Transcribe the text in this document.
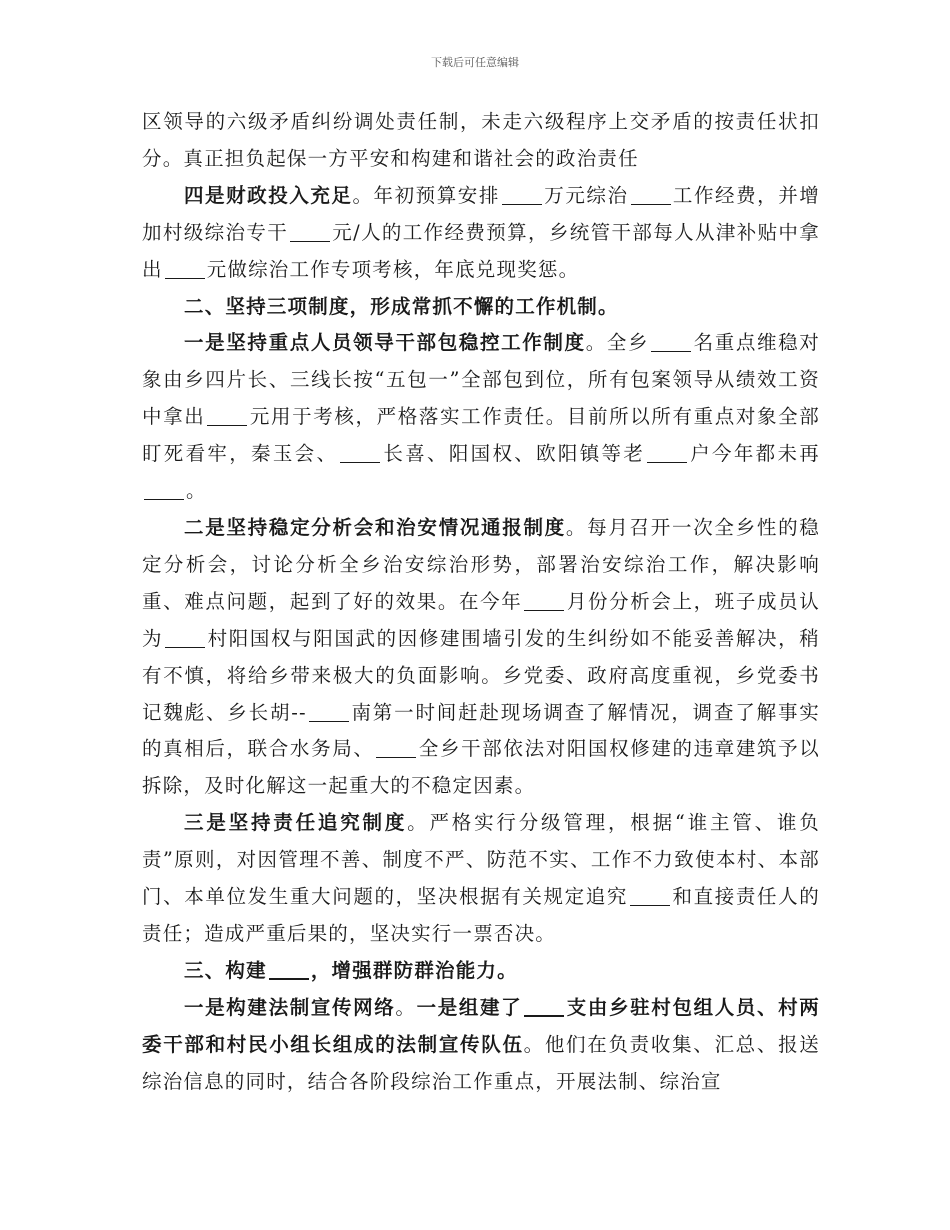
下载后可任意编辑

区领导的六级矛盾纠纷调处责任制，未走六级程序上交矛盾的按责任状扣分。真正担负起保一方平安和构建和谐社会的政治责任

四是财政投入充足。年初预算安排 万元综治 工作经费，并增加村级综治专干 元/人的工作经费预算，乡统管干部每人从津补贴中拿出 元做综治工作专项考核，年底兑现奖惩。

二、坚持三项制度，形成常抓不懈的工作机制。

一是坚持重点人员领导干部包稳控工作制度。全乡 名重点维稳对象由乡四片长、三线长按“五包一”全部包到位，所有包案领导从绩效工资中拿出 元用于考核，严格落实工作责任。目前所以所有重点对象全部盯死看牢，秦玉会、 长喜、阳国权、欧阳镇等老 户今年都未再。

二是坚持稳定分析会和治安情况通报制度。每月召开一次全乡性的稳定分析会，讨论分析全乡治安综治形势，部署治安综治工作，解决影响重、难点问题，起到了好的效果。在今年 月份分析会上，班子成员认为 村阳国权与阳国武的因修建围墙引发的生纠纷如不能妥善解决，稍有不慎，将给乡带来极大的负面影响。乡党委、政府高度重视，乡党委书记魏彪、乡长胡-- 南第一时间赶赴现场调查了解情况，调查了解事实的真相后，联合水务局、 全乡干部依法对阳国权修建的违章建筑予以拆除，及时化解这一起重大的不稳定因素。

三是坚持责任追究制度。严格实行分级管理，根据“谁主管、谁负责”原则，对因管理不善、制度不严、防范不实、工作不力致使本村、本部门、本单位发生重大问题的，坚决根据有关规定追究 和直接责任人的责任；造成严重后果的，坚决实行一票否决。

三、构建 ，增强群防群治能力。

一是构建法制宣传网络。一是组建了 支由乡驻村包组人员、村两委干部和村民小组长组成的法制宣传队伍。他们在负责收集、汇总、报送综治信息的同时，结合各阶段综治工作重点，开展法制、综治宣
